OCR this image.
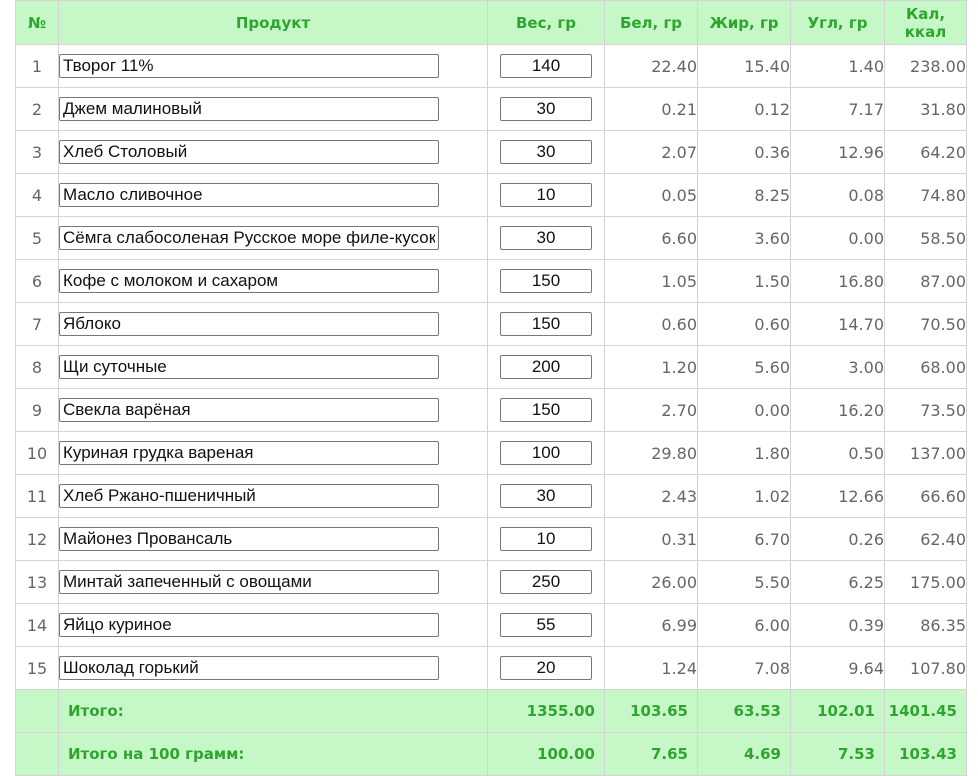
№	Продукт	Вес, гр	Бел, гр	Жир, гр	Угл, гр	Кал, ккал
1	Творог 11%	140	22.40	15.40	1.40	238.00
2	Джем малиновый	30	0.21	0.12	7.17	31.80
3	Хлеб Столовый	30	2.07	0.36	12.96	64.20
4	Масло сливочное	10	0.05	8.25	0.08	74.80
5	Сёмга слабосоленая Русское море филе-кусок	30	6.60	3.60	0.00	58.50
6	Кофе с молоком и сахаром	150	1.05	1.50	16.80	87.00
7	Яблоко	150	0.60	0.60	14.70	70.50
8	Щи суточные	200	1.20	5.60	3.00	68.00
9	Свекла варёная	150	2.70	0.00	16.20	73.50
10	Куриная грудка вареная	100	29.80	1.80	0.50	137.00
11	Хлеб Ржано-пшеничный	30	2.43	1.02	12.66	66.60
12	Майонез Провансаль	10	0.31	6.70	0.26	62.40
13	Минтай запеченный с овощами	250	26.00	5.50	6.25	175.00
14	Яйцо куриное	55	6.99	6.00	0.39	86.35
15	Шоколад горький	20	1.24	7.08	9.64	107.80
	Итого:	1355.00	103.65	63.53	102.01	1401.45
	Итого на 100 грамм:	100.00	7.65	4.69	7.53	103.43
